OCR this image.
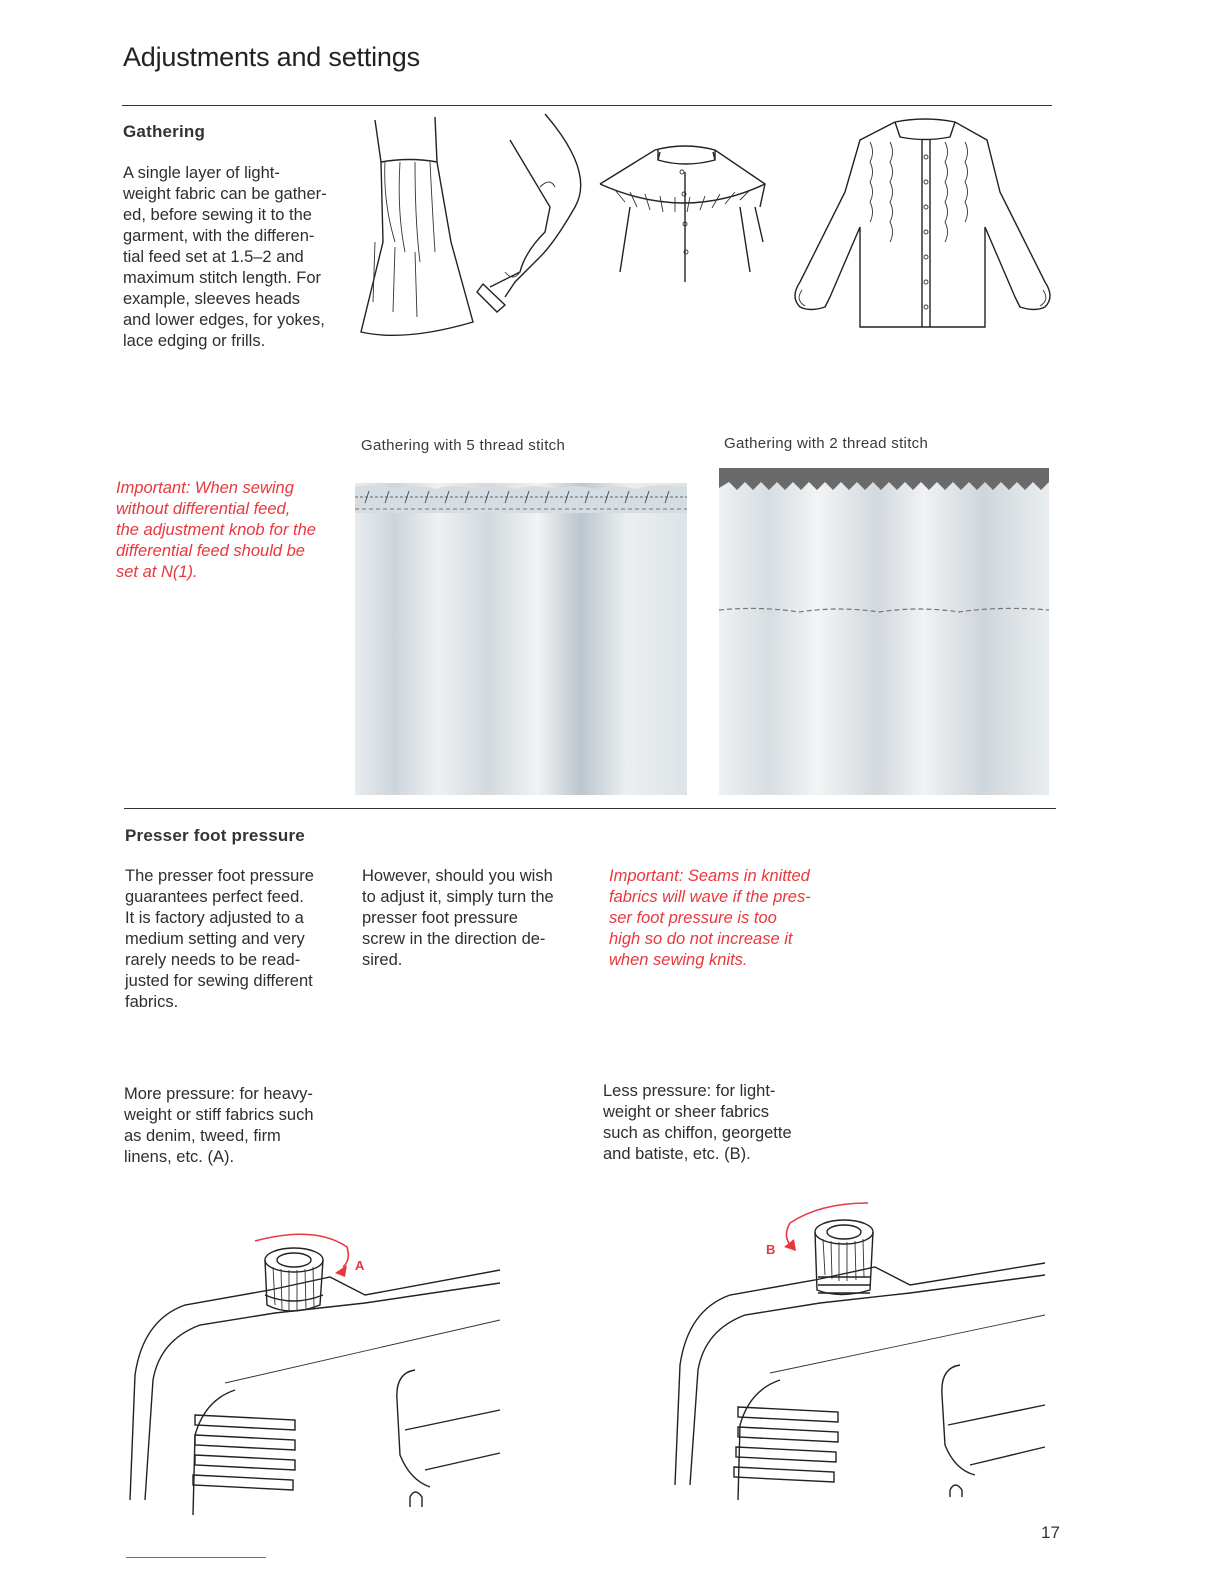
Adjustments and settings
Gathering
A single layer of light-
weight fabric can be gather-
ed, before sewing it to the
garment, with the differen-
tial feed set at 1.5–2 and
maximum stitch length. For
example, sleeves heads
and lower edges, for yokes,
lace edging or frills.
Important: When sewing
without differential feed,
the adjustment knob for the
differential feed should be
set at N(1).
Gathering with 5 thread stitch	Gathering with 2 thread stitch
Presser foot pressure
The presser foot pressure
guarantees perfect feed.
It is factory adjusted to a
medium setting and very
rarely needs to be read-
justed for sewing different
fabrics.
However, should you wish
to adjust it, simply turn the
presser foot pressure
screw in the direction de-
sired.
Important: Seams in knitted
fabrics will wave if the pres-
ser foot pressure is too
high so do not increase it
when sewing knits.
More pressure: for heavy-
weight or stiff fabrics such
as denim, tweed, firm
linens, etc. (A).
Less pressure: for light-
weight or sheer fabrics
such as chiffon, georgette
and batiste, etc. (B).
A
B
17
